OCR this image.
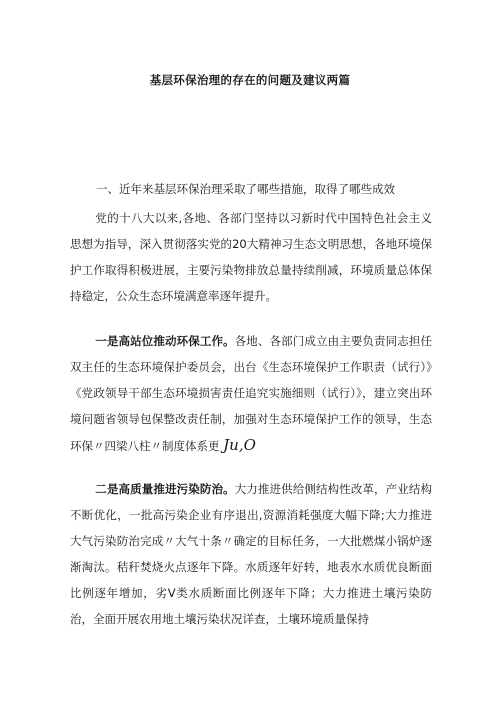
基层环保治理的存在的问题及建议两篇
一、近年来基层环保治理采取了哪些措施，取得了哪些成效

党的十八大以来,各地、各部门坚持以习新时代中国特色社会主义思想为指导，深入贯彻落实党的20大精神习生态文明思想，各地环境保护工作取得积极进展，主要污染物排放总量持续削减，环境质量总体保持稳定，公众生态环境满意率逐年提升。

一是高站位推动环保工作。各地、各部门成立由主要负责同志担任双主任的生态环境保护委员会，出台《生态环境保护工作职责（试行）》《党政领导干部生态环境损害责任追究实施细则（试行）》，建立突出环境问题省领导包保整改责任制，加强对生态环境保护工作的领导，生态环保〃四梁八柱〃制度体系更 Ju,O

二是高质量推进污染防治。大力推进供给侧结构性改革，产业结构不断优化，一批高污染企业有序退出,资源消耗强度大幅下降;大力推进大气污染防治完成〃大气十条〃确定的目标任务，一大批燃煤小锅炉逐渐淘汰。秸秆焚烧火点逐年下降。水质逐年好转，地表水水质优良断面比例逐年增加，劣Ⅴ类水质断面比例逐年下降；大力推进土壤污染防治，全面开展农用地土壤污染状况详查，土壤环境质量保持
